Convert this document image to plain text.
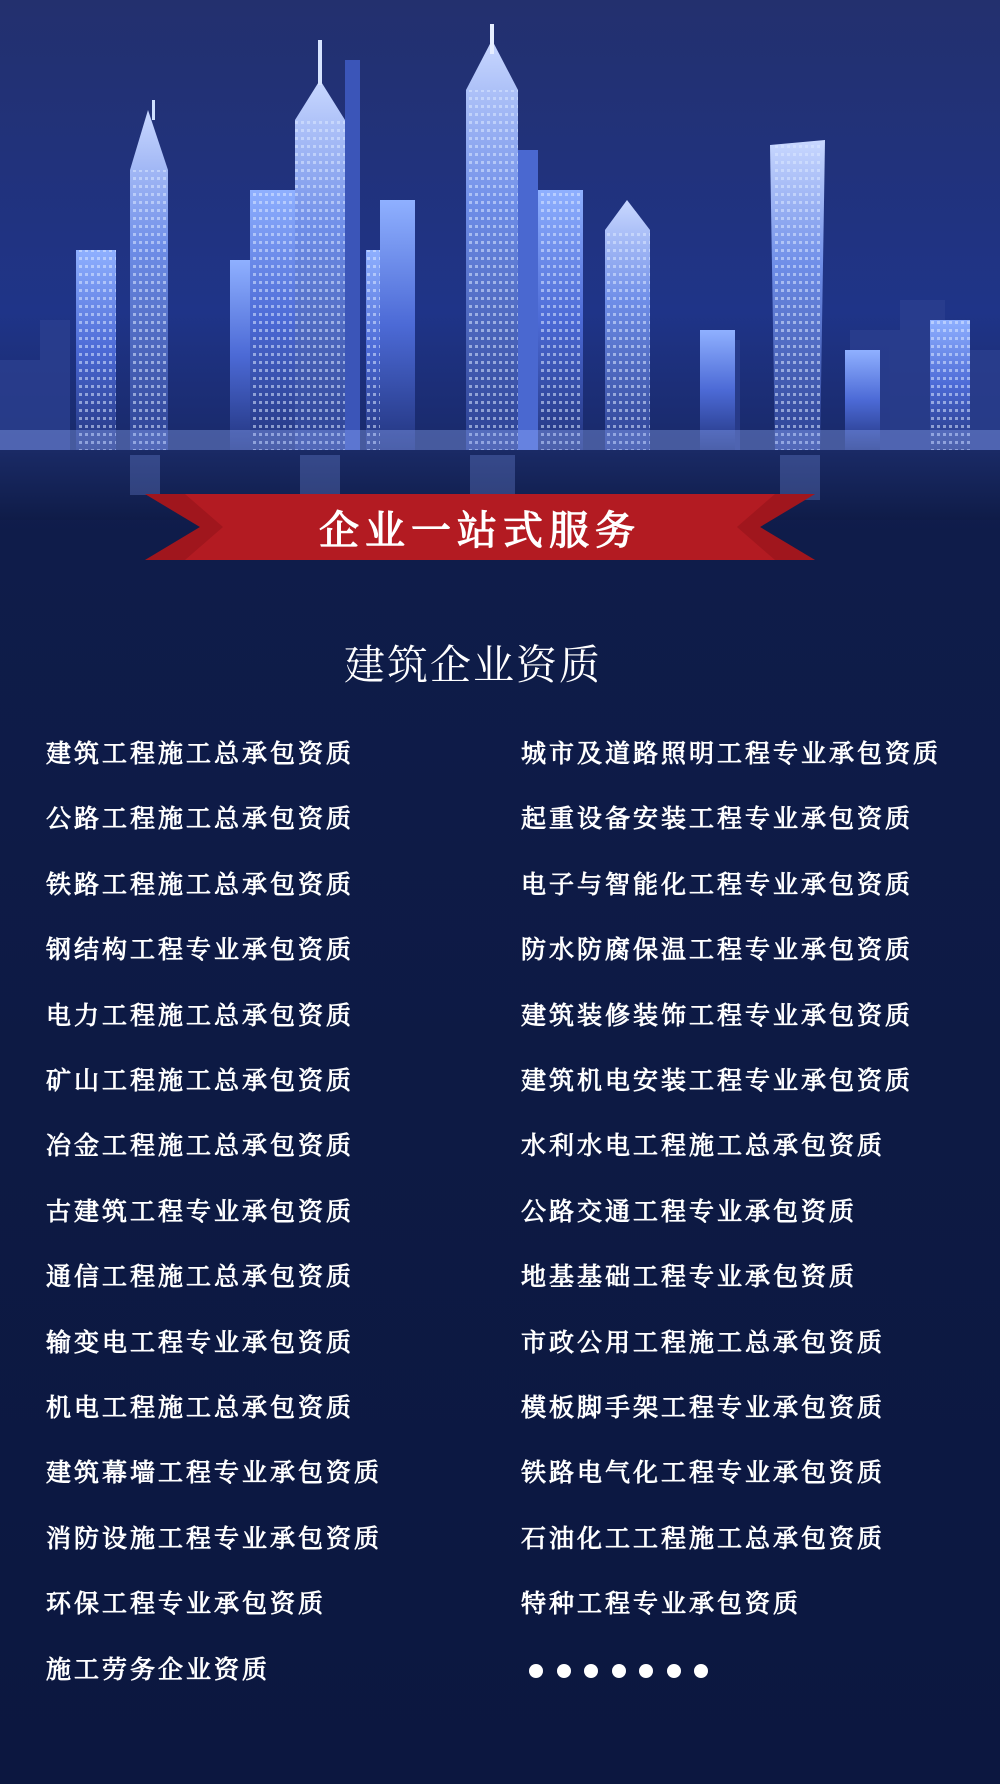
企业一站式服务
建筑企业资质
建筑工程施工总承包资质
公路工程施工总承包资质
铁路工程施工总承包资质
钢结构工程专业承包资质
电力工程施工总承包资质
矿山工程施工总承包资质
冶金工程施工总承包资质
古建筑工程专业承包资质
通信工程施工总承包资质
输变电工程专业承包资质
机电工程施工总承包资质
建筑幕墙工程专业承包资质
消防设施工程专业承包资质
环保工程专业承包资质
施工劳务企业资质
城市及道路照明工程专业承包资质
起重设备安装工程专业承包资质
电子与智能化工程专业承包资质
防水防腐保温工程专业承包资质
建筑装修装饰工程专业承包资质
建筑机电安装工程专业承包资质
水利水电工程施工总承包资质
公路交通工程专业承包资质
地基基础工程专业承包资质
市政公用工程施工总承包资质
模板脚手架工程专业承包资质
铁路电气化工程专业承包资质
石油化工工程施工总承包资质
特种工程专业承包资质
